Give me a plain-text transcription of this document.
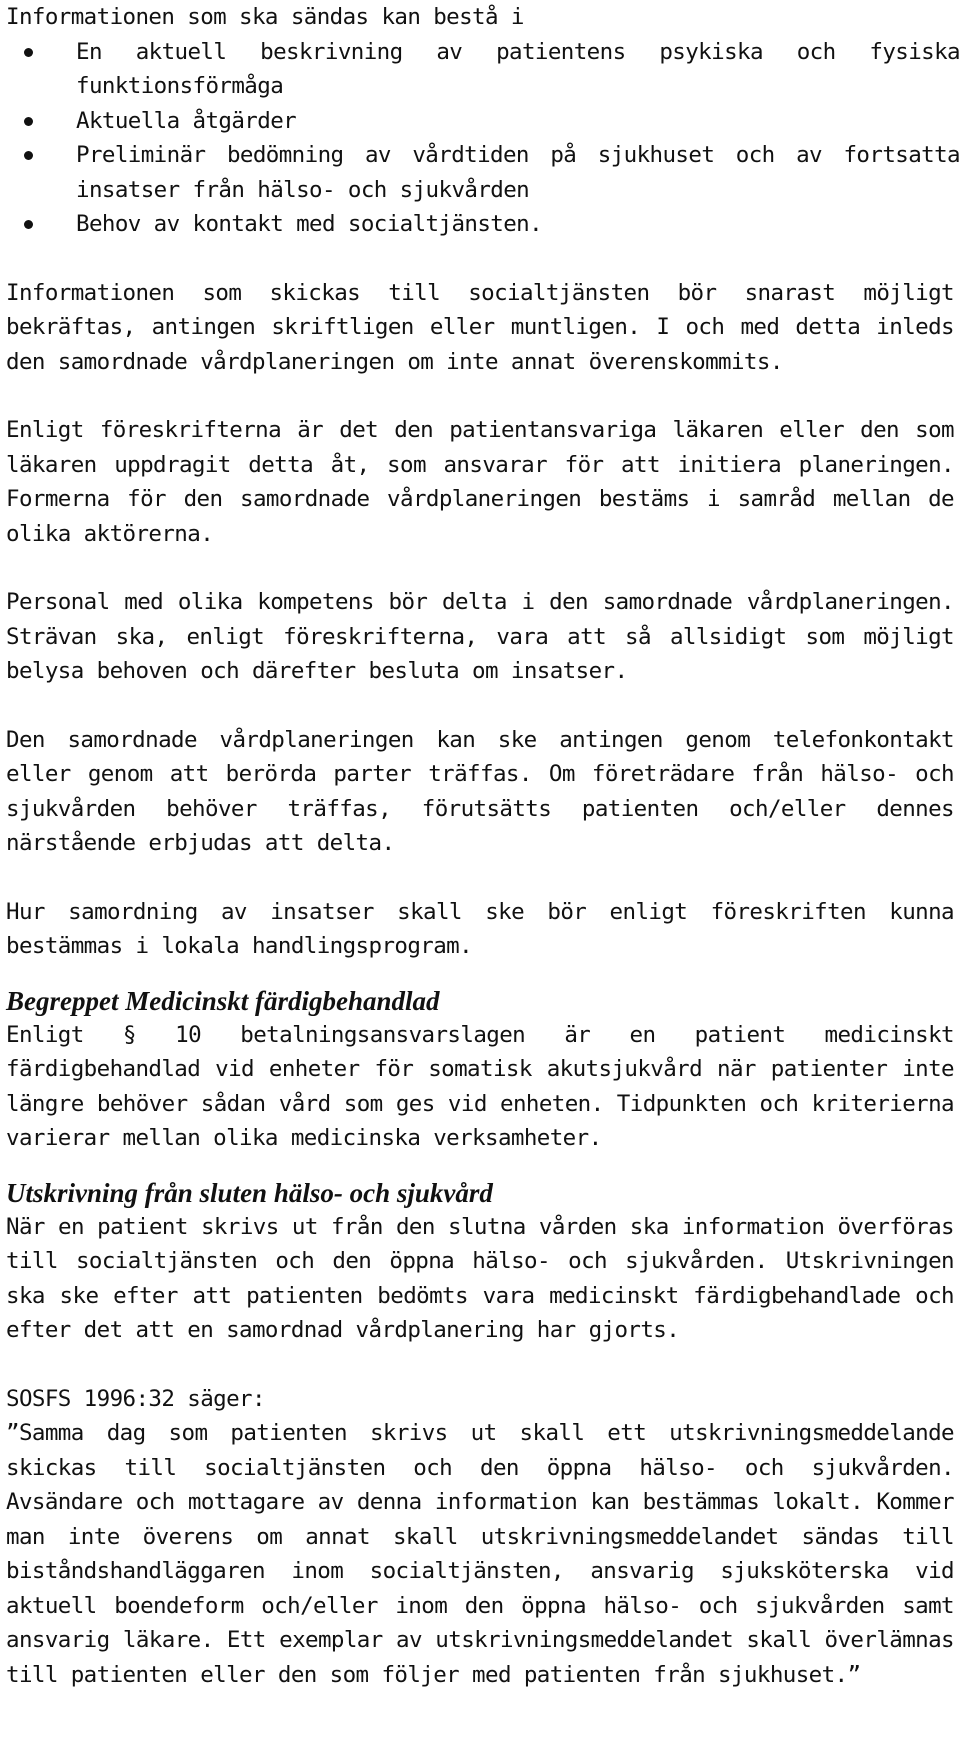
Informationen som ska sändas kan bestå i

En aktuell beskrivning av patientens psykiska och fysiska funktionsförmåga
Aktuella åtgärder
Preliminär bedömning av vårdtiden på sjukhuset och av fortsatta insatser från hälso- och sjukvården
Behov av kontakt med socialtjänsten.

Informationen som skickas till socialtjänsten bör snarast möjligt bekräftas, antingen skriftligen eller muntligen. I och med detta inleds den samordnade vårdplaneringen om inte annat överenskommits.

Enligt föreskrifterna är det den patientansvariga läkaren eller den som läkaren uppdragit detta åt, som ansvarar för att initiera planeringen. Formerna för den samordnade vårdplaneringen bestäms i samråd mellan de olika aktörerna.

Personal med olika kompetens bör delta i den samordnade vårdplaneringen. Strävan ska, enligt föreskrifterna, vara att så allsidigt som möjligt belysa behoven och därefter besluta om insatser.

Den samordnade vårdplaneringen kan ske antingen genom telefonkontakt eller genom att berörda parter träffas. Om företrädare från hälso- och sjukvården behöver träffas, förutsätts patienten och/eller dennes närstående erbjudas att delta.

Hur samordning av insatser skall ske bör enligt föreskriften kunna bestämmas i lokala handlingsprogram.

Begreppet Medicinskt färdigbehandlad

Enligt § 10 betalningsansvarslagen är en patient medicinskt färdigbehandlad vid enheter för somatisk akutsjukvård när patienter inte längre behöver sådan vård som ges vid enheten. Tidpunkten och kriterierna varierar mellan olika medicinska verksamheter.

Utskrivning från sluten hälso- och sjukvård

När en patient skrivs ut från den slutna vården ska information överföras till socialtjänsten och den öppna hälso- och sjukvården. Utskrivningen ska ske efter att patienten bedömts vara medicinskt färdigbehandlade och efter det att en samordnad vårdplanering har gjorts.

SOSFS 1996:32 säger:

”Samma dag som patienten skrivs ut skall ett utskrivningsmeddelande skickas till socialtjänsten och den öppna hälso- och sjukvården. Avsändare och mottagare av denna information kan bestämmas lokalt. Kommer man inte överens om annat skall utskrivningsmeddelandet sändas till biståndshandläggaren inom socialtjänsten, ansvarig sjuksköterska vid aktuell boendeform och/eller inom den öppna hälso- och sjukvården samt ansvarig läkare. Ett exemplar av utskrivningsmeddelandet skall överlämnas till patienten eller den som följer med patienten från sjukhuset.”
